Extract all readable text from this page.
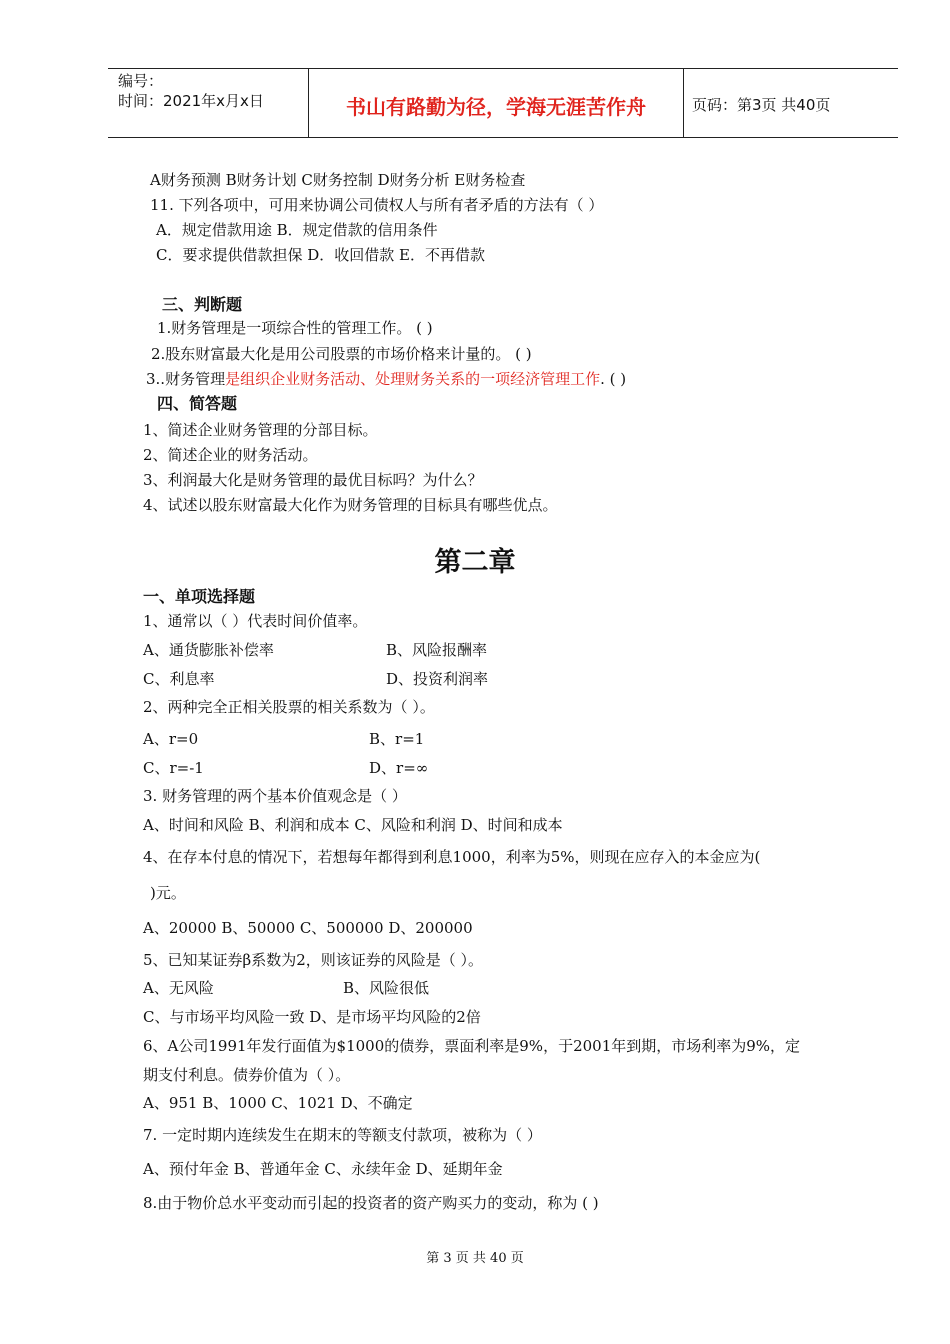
编号：
时间：2021年x月x日	书山有路勤为径，学海无涯苦作舟	页码：第3页 共40页
A财务预测 B财务计划 C财务控制 D财务分析 E财务检查
11. 下列各项中，可用来协调公司债权人与所有者矛盾的方法有（ ）
A．规定借款用途 B．规定借款的信用条件
C．要求提供借款担保 D．收回借款 E．不再借款
三、判断题
1.财务管理是一项综合性的管理工作。 ( )
2.股东财富最大化是用公司股票的市场价格来计量的。 ( )
3..财务管理是组织企业财务活动、处理财务关系的一项经济管理工作. ( )
四、简答题
1、简述企业财务管理的分部目标。
2、简述企业的财务活动。
3、利润最大化是财务管理的最优目标吗？为什么？
4、试述以股东财富最大化作为财务管理的目标具有哪些优点。
第二章
一、单项选择题
1、通常以（ ）代表时间价值率。
A、通货膨胀补偿率	B、风险报酬率
C、利息率	D、投资利润率
2、两种完全正相关股票的相关系数为（ ）。
A、r=0	B、r=1
C、r=-1	D、r=∞
3. 财务管理的两个基本价值观念是（ ）
A、时间和风险 B、利润和成本 C、风险和利润 D、时间和成本
4、在存本付息的情况下，若想每年都得到利息1000，利率为5%，则现在应存入的本金应为(
)元。
A、20000 B、50000 C、500000 D、200000
5、已知某证券β系数为2，则该证券的风险是（ ）。
A、无风险	B、风险很低
C、与市场平均风险一致 D、是市场平均风险的2倍
6、A公司1991年发行面值为$1000的债券，票面利率是9%，于2001年到期，市场利率为9%，定
期支付利息。债券价值为（ ）。
A、951 B、1000 C、1021 D、不确定
7. 一定时期内连续发生在期末的等额支付款项，被称为（ ）
A、预付年金 B、普通年金 C、永续年金 D、延期年金
8.由于物价总水平变动而引起的投资者的资产购买力的变动，称为 ( )
第 3 页 共 40 页
